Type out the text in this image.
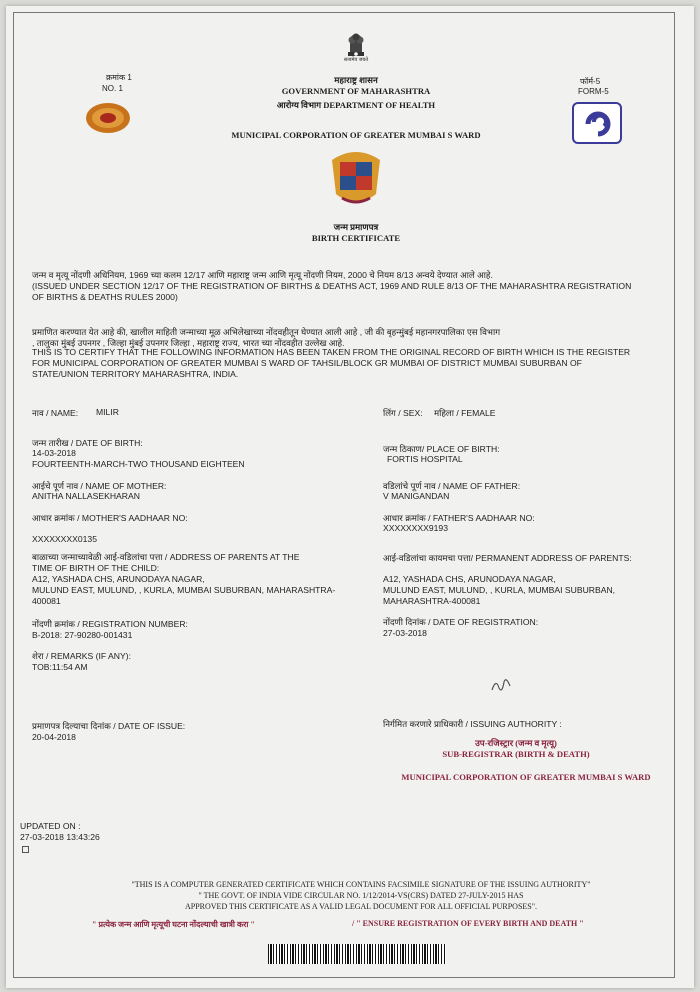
सत्यमेव जयते
क्रमांक 1
NO. 1
महाराष्ट्र शासन
GOVERNMENT OF MAHARASHTRA
आरोग्य विभाग DEPARTMENT OF HEALTH
MUNICIPAL CORPORATION OF GREATER MUMBAI S WARD
फॉर्म-5
FORM-5
जन्म प्रमाणपत्र
BIRTH CERTIFICATE
जन्म व मृत्यू नोंदणी अधिनियम, 1969 च्या कलम 12/17 आणि महाराष्ट्र जन्म आणि मृत्यू नोंदणी नियम, 2000 चे नियम 8/13 अन्वये देण्यात आले आहे.
(ISSUED UNDER SECTION 12/17 OF THE REGISTRATION OF BIRTHS & DEATHS ACT, 1969 AND RULE 8/13 OF THE MAHARASHTRA REGISTRATION
OF BIRTHS & DEATHS RULES 2000)
प्रमाणित करण्यात येत आहे की, खालील माहिती जन्माच्या मूळ अभिलेखाच्या नोंदवहीतून घेण्यात आली आहे , जी की बृहन्मुंबई महानगरपालिका एस विभाग
, तालुका मुंबई उपनगर , जिल्हा मुंबई उपनगर जिल्हा , महाराष्ट्र राज्य, भारत च्या नोंदवहीत उल्लेख आहे.
THIS IS TO CERTIFY THAT THE FOLLOWING INFORMATION HAS BEEN TAKEN FROM THE ORIGINAL RECORD OF BIRTH WHICH IS THE REGISTER
FOR MUNICIPAL CORPORATION OF GREATER MUMBAI S WARD OF TAHSIL/BLOCK GR MUMBAI OF DISTRICT MUMBAI SUBURBAN OF
STATE/UNION TERRITORY MAHARASHTRA, INDIA.
नाव / NAME: MILIR	लिंग / SEX: महिला / FEMALE
जन्म तारीख / DATE OF BIRTH:
14-03-2018
FOURTEENTH-MARCH-TWO THOUSAND EIGHTEEN
जन्म ठिकाण/ PLACE OF BIRTH:
FORTIS HOSPITAL
आईचे पूर्ण नाव / NAME OF MOTHER:
ANITHA NALLASEKHARAN
वडिलांचे पूर्ण नाव / NAME OF FATHER:
V MANIGANDAN
आधार क्रमांक / MOTHER'S AADHAAR NO:
XXXXXXXX0135
आधार क्रमांक / FATHER'S AADHAAR NO:
XXXXXXXX9193
बाळाच्या जन्माच्यावेळी आई-वडिलांचा पत्ता / ADDRESS OF PARENTS AT THE
TIME OF BIRTH OF THE CHILD:
A12, YASHADA CHS, ARUNODAYA NAGAR,
MULUND EAST, MULUND, , KURLA, MUMBAI SUBURBAN, MAHARASHTRA-
400081
आई-वडिलांचा कायमचा पत्ता/ PERMANENT ADDRESS OF PARENTS:
A12, YASHADA CHS, ARUNODAYA NAGAR,
MULUND EAST, MULUND, , KURLA, MUMBAI SUBURBAN,
MAHARASHTRA-400081
नोंदणी क्रमांक / REGISTRATION NUMBER:
B-2018: 27-90280-001431
नोंदणी दिनांक / DATE OF REGISTRATION:
27-03-2018
शेरा / REMARKS (IF ANY):
TOB:11:54 AM
प्रमाणपत्र दिल्याचा दिनांक / DATE OF ISSUE:
20-04-2018
निर्गमित करणारे प्राधिकारी / ISSUING AUTHORITY :
उप-रजिस्ट्रार (जन्म व मृत्यू)
SUB-REGISTRAR (BIRTH & DEATH)
MUNICIPAL CORPORATION OF GREATER MUMBAI S WARD
UPDATED ON :
27-03-2018 13:43:26
"THIS IS A COMPUTER GENERATED CERTIFICATE WHICH CONTAINS FACSIMILE SIGNATURE OF THE ISSUING AUTHORITY"
" THE GOVT. OF INDIA VIDE CIRCULAR NO. 1/12/2014-VS(CRS) DATED 27-JULY-2015 HAS
APPROVED THIS CERTIFICATE AS A VALID LEGAL DOCUMENT FOR ALL OFFICIAL PURPOSES".
" प्रत्येक जन्म आणि मृत्यूची घटना नोंदल्याची खात्री करा "	/ " ENSURE REGISTRATION OF EVERY BIRTH AND DEATH "
